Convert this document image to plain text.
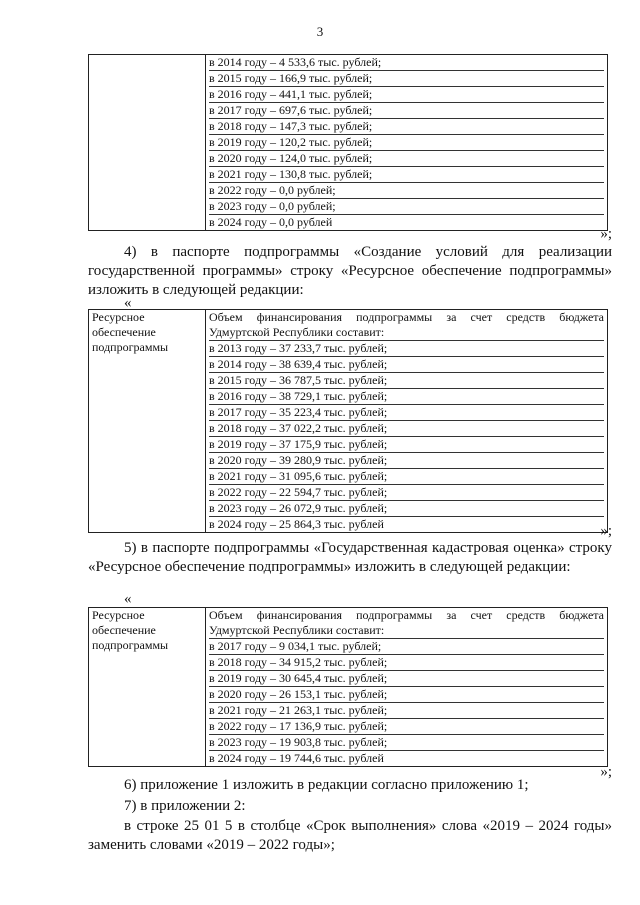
3

в 2014 году – 4 533,6 тыс. рублей;
в 2015 году – 166,9 тыс. рублей;
в 2016 году – 441,1 тыс. рублей;
в 2017 году – 697,6 тыс. рублей;
в 2018 году – 147,3 тыс. рублей;
в 2019 году – 120,2 тыс. рублей;
в 2020 году – 124,0 тыс. рублей;
в 2021 году – 130,8 тыс. рублей;
в 2022 году – 0,0 рублей;
в 2023 году – 0,0 рублей;
в 2024 году – 0,0 рублей
»;
4) в паспорте подпрограммы «Создание условий для реализации государственной программы» строку «Ресурсное обеспечение подпрограммы» изложить в следующей редакции:
«
Ресурсное
обеспечение
подпрограммы

Объем финансирования подпрограммы за счет средств бюджета
Удмуртской Республики составит:
в 2013 году – 37 233,7 тыс. рублей;
в 2014 году – 38 639,4 тыс. рублей;
в 2015 году – 36 787,5 тыс. рублей;
в 2016 году – 38 729,1 тыс. рублей;
в 2017 году – 35 223,4 тыс. рублей;
в 2018 году – 37 022,2 тыс. рублей;
в 2019 году – 37 175,9 тыс. рублей;
в 2020 году – 39 280,9 тыс. рублей;
в 2021 году – 31 095,6 тыс. рублей;
в 2022 году – 22 594,7 тыс. рублей;
в 2023 году – 26 072,9 тыс. рублей;
в 2024 году – 25 864,3 тыс. рублей	»;
5) в паспорте подпрограммы «Государственная кадастровая оценка» строку «Ресурсное обеспечение подпрограммы» изложить в следующей редакции:
«
Ресурсное
обеспечение
подпрограммы

Объем финансирования подпрограммы за счет средств бюджета
Удмуртской Республики составит:
в 2017 году – 9 034,1 тыс. рублей;
в 2018 году – 34 915,2 тыс. рублей;
в 2019 году – 30 645,4 тыс. рублей;
в 2020 году – 26 153,1 тыс. рублей;
в 2021 году – 21 263,1 тыс. рублей;
в 2022 году – 17 136,9 тыс. рублей;
в 2023 году – 19 903,8 тыс. рублей;
в 2024 году – 19 744,6 тыс. рублей
»;
6) приложение 1 изложить в редакции согласно приложению 1;
7) в приложении 2:
в строке 25 01 5 в столбце «Срок выполнения» слова «2019 – 2024 годы» заменить словами «2019 – 2022 годы»;
